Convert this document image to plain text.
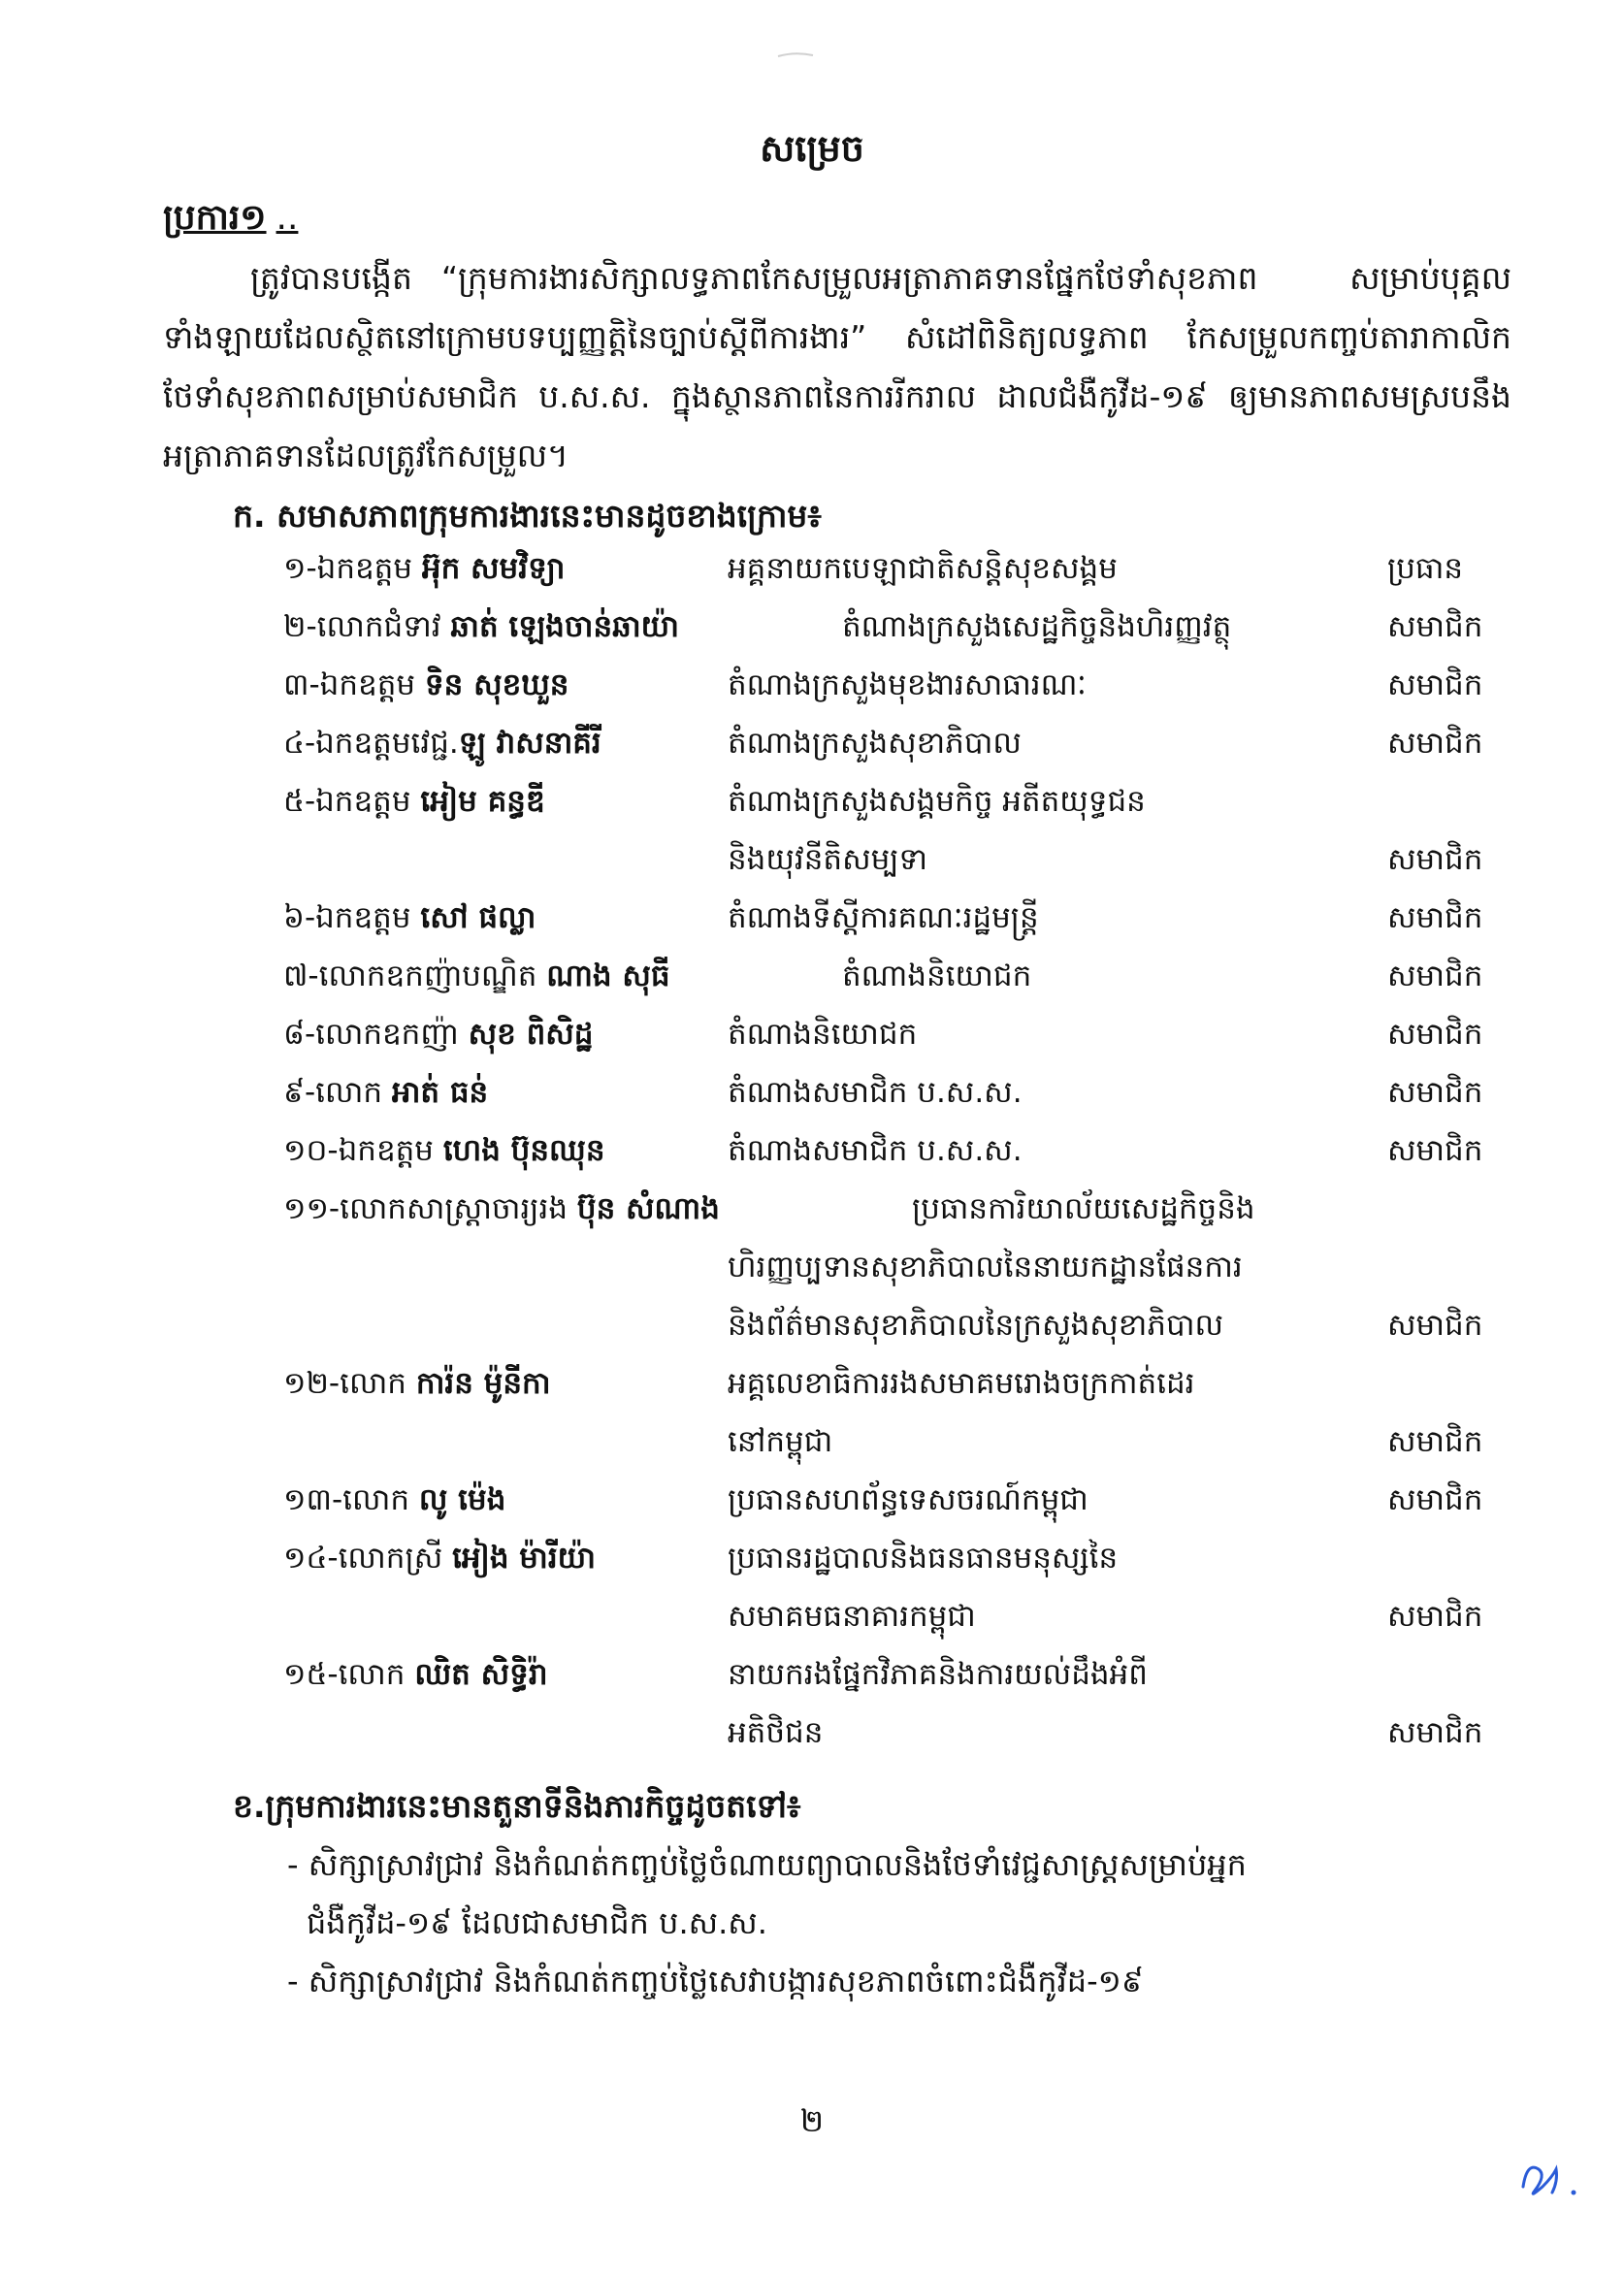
សម្រេច
ប្រការ១ ..
ត្រូវបានបង្កើត “ក្រុមការងារសិក្សាលទ្ធភាពកែសម្រួលអត្រាភាគទានផ្នែកថែទាំសុខភាព សម្រាប់បុគ្គលទាំងឡាយដែលស្ថិតនៅក្រោមបទប្បញ្ញត្តិនៃច្បាប់ស្តីពីការងារ” សំដៅពិនិត្យលទ្ធភាព កែសម្រួលកញ្ចប់តារាកាលិកថែទាំសុខភាពសម្រាប់សមាជិក ប.ស.ស. ក្នុងស្ថានភាពនៃការរីករាល ដាលជំងឺកូវីដ-១៩ ឲ្យមានភាពសមស្របនឹងអត្រាភាគទានដែលត្រូវកែសម្រួល។
ក. សមាសភាពក្រុមការងារនេះមានដូចខាងក្រោម៖
១-ឯកឧត្តម អ៊ុក សមវិទ្យា	អគ្គនាយកបេឡាជាតិសន្តិសុខសង្គម	ប្រធាន
២-លោកជំទាវ ឆាត់ ឡេងចាន់ឆាយ៉ា	តំណាងក្រសួងសេដ្ឋកិច្ចនិងហិរញ្ញវត្ថុ	សមាជិក
៣-ឯកឧត្តម ទិន សុខឃួន	តំណាងក្រសួងមុខងារសាធារណៈ	សមាជិក
៤-ឯកឧត្តមវេជ្ជ.ឡូ វាសនាគីរី	តំណាងក្រសួងសុខាភិបាល	សមាជិក
៥-ឯកឧត្តម អៀម គន្ធឌី	តំណាងក្រសួងសង្គមកិច្ច អតីតយុទ្ធជន
និងយុវនីតិសម្បទា	សមាជិក
៦-ឯកឧត្តម សៅ ផល្លា	តំណាងទីស្តីការគណៈរដ្ឋមន្ត្រី	សមាជិក
៧-លោកឧកញ៉ាបណ្ឌិត ណាង សុធី	តំណាងនិយោជក	សមាជិក
៨-លោកឧកញ៉ា សុខ ពិសិដ្ឋ	តំណាងនិយោជក	សមាជិក
៩-លោក អាត់ ធន់	តំណាងសមាជិក ប.ស.ស.	សមាជិក
១០-ឯកឧត្តម ហេង ប៊ុនឈុន	តំណាងសមាជិក ប.ស.ស.	សមាជិក
១១-លោកសាស្ត្រាចារ្យរង ប៊ុន សំណាង	ប្រធានការិយាល័យសេដ្ឋកិច្ចនិង
ហិរញ្ញប្បទានសុខាភិបាលនៃនាយកដ្ឋានផែនការ
និងព័ត៌មានសុខាភិបាលនៃក្រសួងសុខាភិបាល	សមាជិក
១២-លោក ការ៉ន ម៉ូនីកា	អគ្គលេខាធិការរងសមាគមរោងចក្រកាត់ដេរ
នៅកម្ពុជា	សមាជិក
១៣-លោក លូ ម៉េង	ប្រធានសហព័ន្ធទេសចរណ៍កម្ពុជា	សមាជិក
១៤-លោកស្រី អៀង ម៉ារីយ៉ា	ប្រធានរដ្ឋបាលនិងធនធានមនុស្សនៃ
សមាគមធនាគារកម្ពុជា	សមាជិក
១៥-លោក ឈិត សិទ្ធិរ៉ា	នាយករងផ្នែកវិភាគនិងការយល់ដឹងអំពី
អតិថិជន	សមាជិក
ខ.ក្រុមការងារនេះមានតួនាទីនិងភារកិច្ចដូចតទៅ៖
- សិក្សាស្រាវជ្រាវ និងកំណត់កញ្ចប់ថ្លៃចំណាយព្យាបាលនិងថែទាំវេជ្ជសាស្ត្រសម្រាប់អ្នក
ជំងឺកូវីដ-១៩ ដែលជាសមាជិក ប.ស.ស.
- សិក្សាស្រាវជ្រាវ និងកំណត់កញ្ចប់ថ្លៃសេវាបង្ការសុខភាពចំពោះជំងឺកូវីដ-១៩
២
